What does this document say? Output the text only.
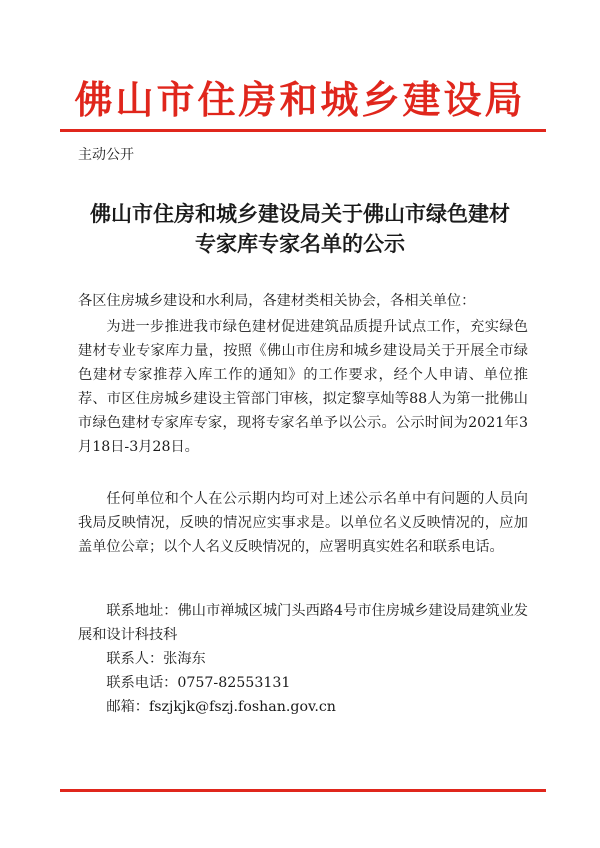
佛山市住房和城乡建设局
主动公开
佛山市住房和城乡建设局关于佛山市绿色建材
专家库专家名单的公示

各区住房城乡建设和水利局，各建材类相关协会，各相关单位：

为进一步推进我市绿色建材促进建筑品质提升试点工作，充实绿色建材专业专家库力量，按照《佛山市住房和城乡建设局关于开展全市绿色建材专家推荐入库工作的通知》的工作要求，经个人申请、单位推荐、市区住房城乡建设主管部门审核，拟定黎享灿等88人为第一批佛山市绿色建材专家库专家，现将专家名单予以公示。公示时间为2021年3月18日-3月28日。

任何单位和个人在公示期内均可对上述公示名单中有问题的人员向我局反映情况，反映的情况应实事求是。以单位名义反映情况的，应加盖单位公章；以个人名义反映情况的，应署明真实姓名和联系电话。

联系地址：佛山市禅城区城门头西路4号市住房城乡建设局建筑业发展和设计科技科

联系人：张海东

联系电话：0757-82553131

邮箱：fszjkjk@fszj.foshan.gov.cn
